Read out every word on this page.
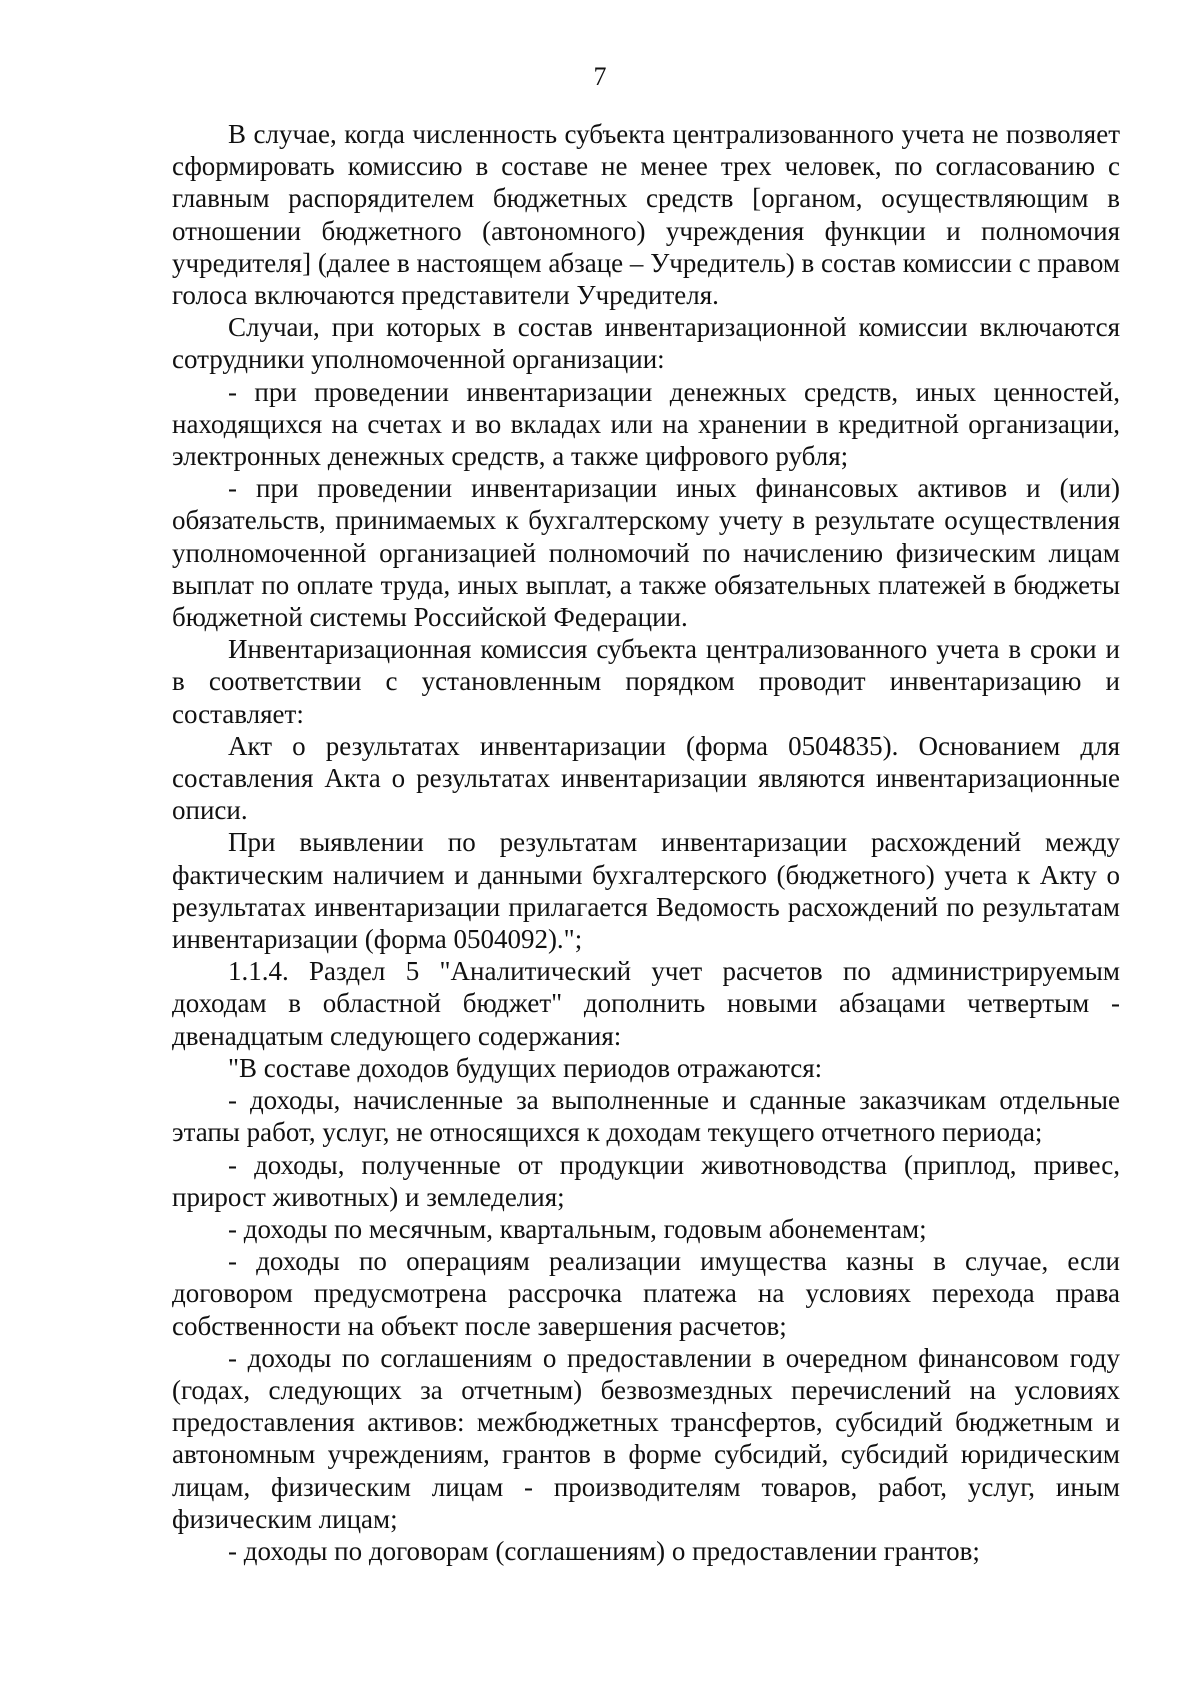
7

В случае, когда численность субъекта централизованного учета не позволяет сформировать комиссию в составе не менее трех человек, по согласованию с главным распорядителем бюджетных средств [органом, осуществляющим в отношении бюджетного (автономного) учреждения функции и полномочия учредителя] (далее в настоящем абзаце – Учредитель) в состав комиссии с правом голоса включаются представители Учредителя.

Случаи, при которых в состав инвентаризационной комиссии включаются сотрудники уполномоченной организации:

- при проведении инвентаризации денежных средств, иных ценностей, находящихся на счетах и во вкладах или на хранении в кредитной организации, электронных денежных средств, а также цифрового рубля;

- при проведении инвентаризации иных финансовых активов и (или) обязательств, принимаемых к бухгалтерскому учету в результате осуществления уполномоченной организацией полномочий по начислению физическим лицам выплат по оплате труда, иных выплат, а также обязательных платежей в бюджеты бюджетной системы Российской Федерации.

Инвентаризационная комиссия субъекта централизованного учета в сроки и в соответствии с установленным порядком проводит инвентаризацию и составляет:

Акт о результатах инвентаризации (форма 0504835). Основанием для составления Акта о результатах инвентаризации являются инвентаризационные описи.

При выявлении по результатам инвентаризации расхождений между фактическим наличием и данными бухгалтерского (бюджетного) учета к Акту о результатах инвентаризации прилагается Ведомость расхождений по результатам инвентаризации (форма 0504092).";

1.1.4. Раздел 5 "Аналитический учет расчетов по администрируемым доходам в областной бюджет" дополнить новыми абзацами четвертым - двенадцатым следующего содержания:

"В составе доходов будущих периодов отражаются:

- доходы, начисленные за выполненные и сданные заказчикам отдельные этапы работ, услуг, не относящихся к доходам текущего отчетного периода;

- доходы, полученные от продукции животноводства (приплод, привес, прирост животных) и земледелия;

- доходы по месячным, квартальным, годовым абонементам;

- доходы по операциям реализации имущества казны в случае, если договором предусмотрена рассрочка платежа на условиях перехода права собственности на объект после завершения расчетов;

- доходы по соглашениям о предоставлении в очередном финансовом году (годах, следующих за отчетным) безвозмездных перечислений на условиях предоставления активов: межбюджетных трансфертов, субсидий бюджетным и автономным учреждениям, грантов в форме субсидий, субсидий юридическим лицам, физическим лицам - производителям товаров, работ, услуг, иным физическим лицам;

- доходы по договорам (соглашениям) о предоставлении грантов;
